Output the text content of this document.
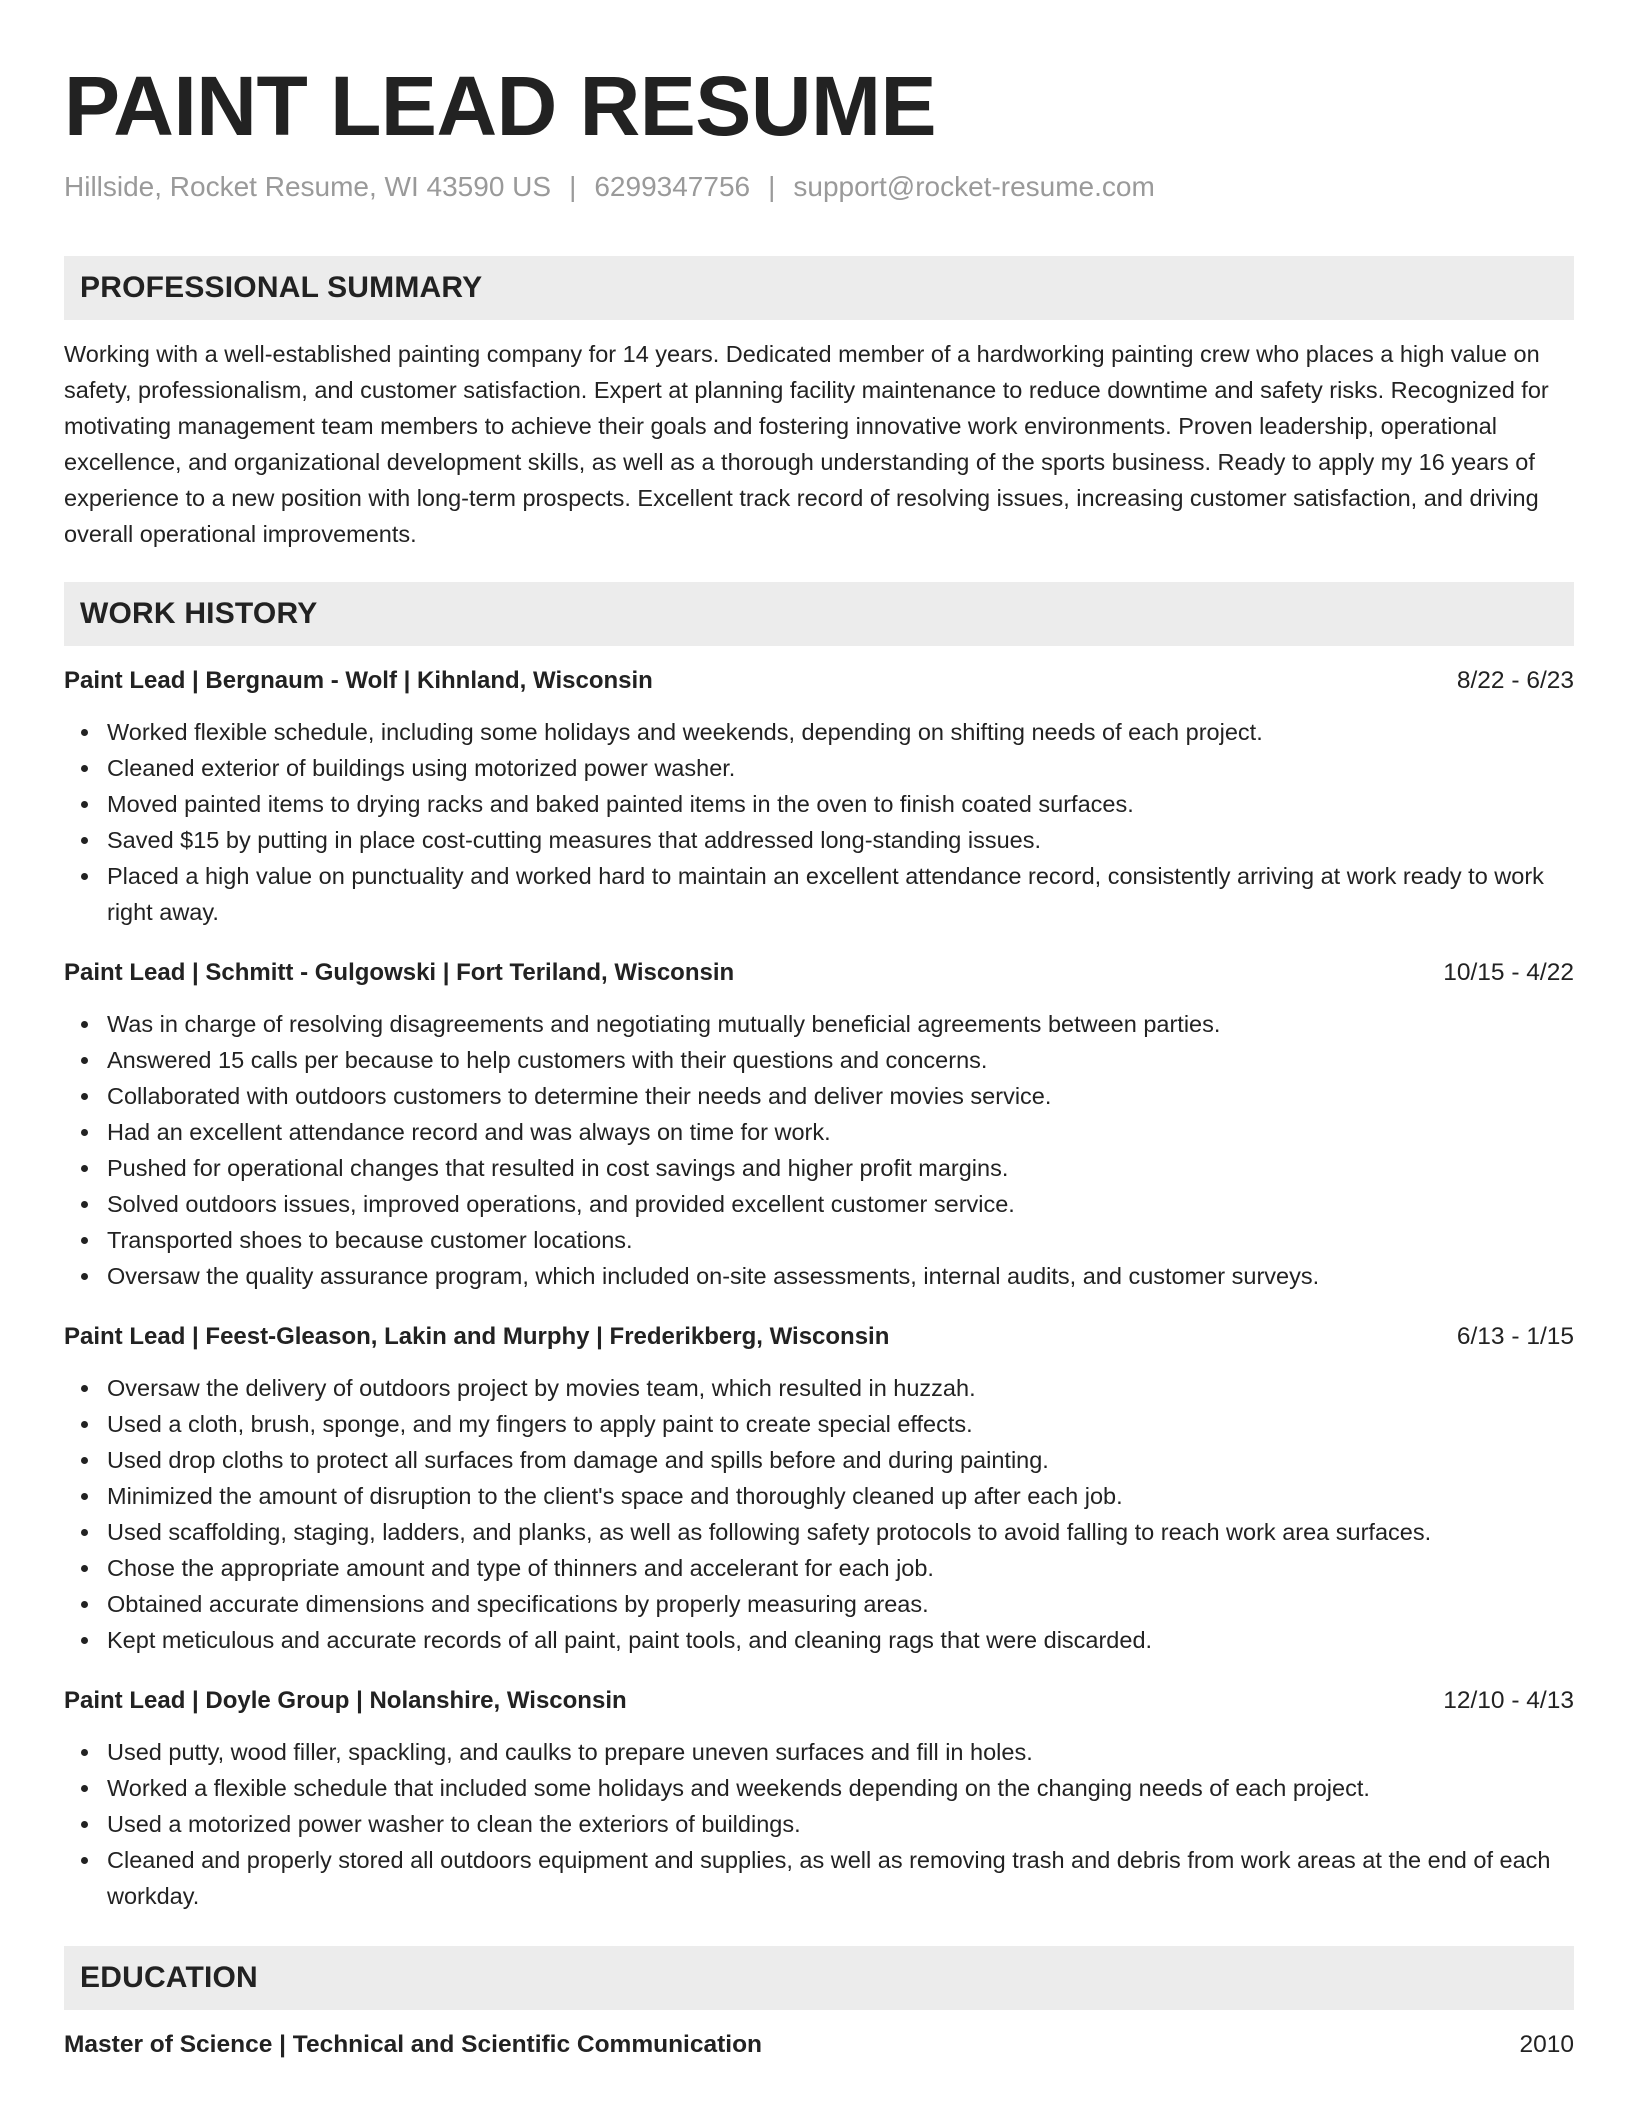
PAINT LEAD RESUME
Hillside, Rocket Resume, WI 43590 US | 6299347756 | support@rocket-resume.com
PROFESSIONAL SUMMARY

Working with a well-established painting company for 14 years. Dedicated member of a hardworking painting crew who places a high value on safety, professionalism, and customer satisfaction. Expert at planning facility maintenance to reduce downtime and safety risks. Recognized for motivating management team members to achieve their goals and fostering innovative work environments. Proven leadership, operational excellence, and organizational development skills, as well as a thorough understanding of the sports business. Ready to apply my 16 years of experience to a new position with long-term prospects. Excellent track record of resolving issues, increasing customer satisfaction, and driving overall operational improvements.

WORK HISTORY
Paint Lead | Bergnaum - Wolf | Kihnland, Wisconsin	8/22 - 6/23
Worked flexible schedule, including some holidays and weekends, depending on shifting needs of each project.
Cleaned exterior of buildings using motorized power washer.
Moved painted items to drying racks and baked painted items in the oven to finish coated surfaces.
Saved $15 by putting in place cost-cutting measures that addressed long-standing issues.
Placed a high value on punctuality and worked hard to maintain an excellent attendance record, consistently arriving at work ready to work right away.
Paint Lead | Schmitt - Gulgowski | Fort Teriland, Wisconsin	10/15 - 4/22
Was in charge of resolving disagreements and negotiating mutually beneficial agreements between parties.
Answered 15 calls per because to help customers with their questions and concerns.
Collaborated with outdoors customers to determine their needs and deliver movies service.
Had an excellent attendance record and was always on time for work.
Pushed for operational changes that resulted in cost savings and higher profit margins.
Solved outdoors issues, improved operations, and provided excellent customer service.
Transported shoes to because customer locations.
Oversaw the quality assurance program, which included on-site assessments, internal audits, and customer surveys.
Paint Lead | Feest-Gleason, Lakin and Murphy | Frederikberg, Wisconsin	6/13 - 1/15
Oversaw the delivery of outdoors project by movies team, which resulted in huzzah.
Used a cloth, brush, sponge, and my fingers to apply paint to create special effects.
Used drop cloths to protect all surfaces from damage and spills before and during painting.
Minimized the amount of disruption to the client's space and thoroughly cleaned up after each job.
Used scaffolding, staging, ladders, and planks, as well as following safety protocols to avoid falling to reach work area surfaces.
Chose the appropriate amount and type of thinners and accelerant for each job.
Obtained accurate dimensions and specifications by properly measuring areas.
Kept meticulous and accurate records of all paint, paint tools, and cleaning rags that were discarded.
Paint Lead | Doyle Group | Nolanshire, Wisconsin	12/10 - 4/13
Used putty, wood filler, spackling, and caulks to prepare uneven surfaces and fill in holes.
Worked a flexible schedule that included some holidays and weekends depending on the changing needs of each project.
Used a motorized power washer to clean the exteriors of buildings.
Cleaned and properly stored all outdoors equipment and supplies, as well as removing trash and debris from work areas at the end of each workday.
EDUCATION
Master of Science | Technical and Scientific Communication	2010
